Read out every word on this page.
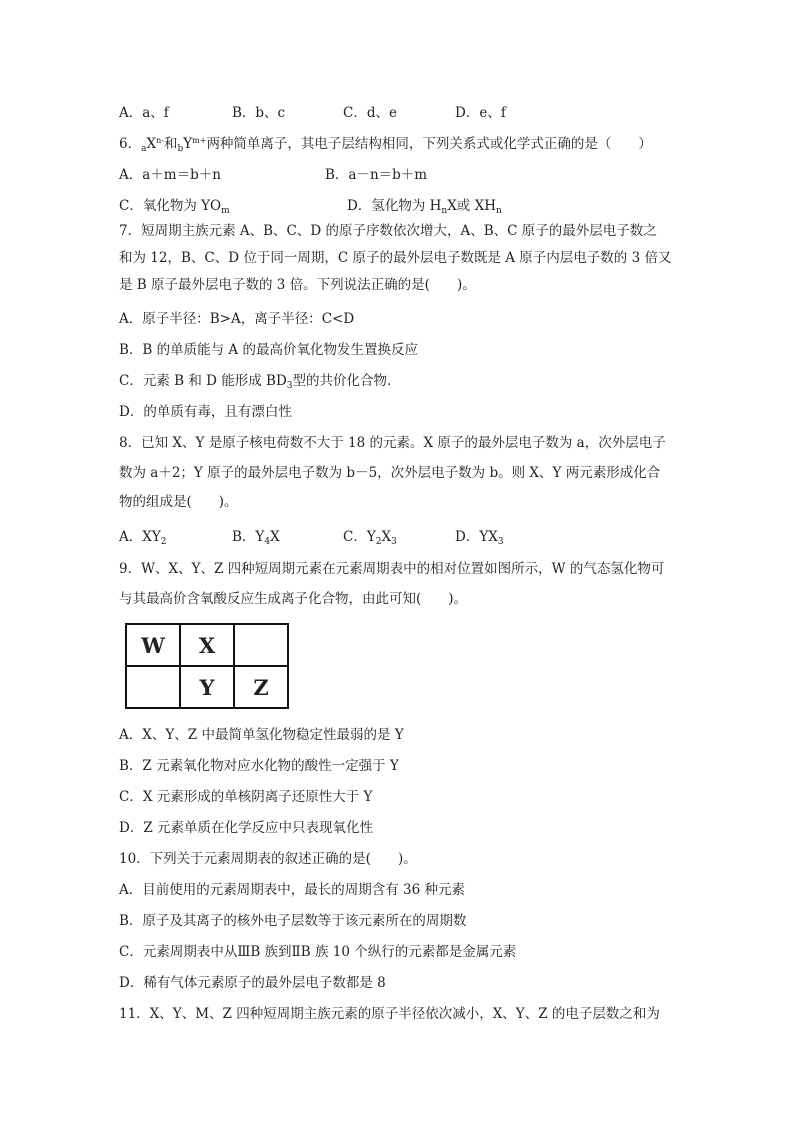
A．a、f	B．b、c	C．d、e	D．e、f
6．$_aX^{n-}$和$_bY^{m+}$两种简单离子，其电子层结构相同，下列关系式或化学式正确的是（　　）
A．a＋m＝b＋n	B．a－n＝b＋m
C．氧化物为 $YO_m$	D．氢化物为 $H_nX$或 $XH_n$
7．短周期主族元素 A、B、C、D 的原子序数依次增大，A、B、C 原子的最外层电子数之
和为 12，B、C、D 位于同一周期，C 原子的最外层电子数既是 A 原子内层电子数的 3 倍又
是 B 原子最外层电子数的 3 倍。下列说法正确的是(　　)。
A．原子半径：B>A，离子半径：C<D
B．B 的单质能与 A 的最高价氧化物发生置换反应
C．元素 B 和 D 能形成 $BD_3$型的共价化合物．
D．的单质有毒，且有漂白性
8．已知 X、Y 是原子核电荷数不大于 18 的元素。X 原子的最外层电子数为 a，次外层电子
数为 a＋2；Y 原子的最外层电子数为 b－5，次外层电子数为 b。则 X、Y 两元素形成化合
物的组成是(　　)。
A．$XY_2$	B．$Y_4X$	C．$Y_2X_3$	D．$YX_3$
9．W、X、Y、Z 四种短周期元素在元素周期表中的相对位置如图所示，W 的气态氢化物可
与其最高价含氧酸反应生成离子化合物，由此可知(　　)。
W	X	
	Y	Z
A．X、Y、Z 中最简单氢化物稳定性最弱的是 Y
B．Z 元素氧化物对应水化物的酸性一定强于 Y
C．X 元素形成的单核阴离子还原性大于 Y
D．Z 元素单质在化学反应中只表现氧化性
10．下列关于元素周期表的叙述正确的是(　　)。
A．目前使用的元素周期表中，最长的周期含有 36 种元素
B．原子及其离子的核外电子层数等于该元素所在的周期数
C．元素周期表中从ⅢB 族到ⅡB 族 10 个纵行的元素都是金属元素
D．稀有气体元素原子的最外层电子数都是 8
11．X、Y、M、Z 四种短周期主族元素的原子半径依次减小，X、Y、Z 的电子层数之和为
